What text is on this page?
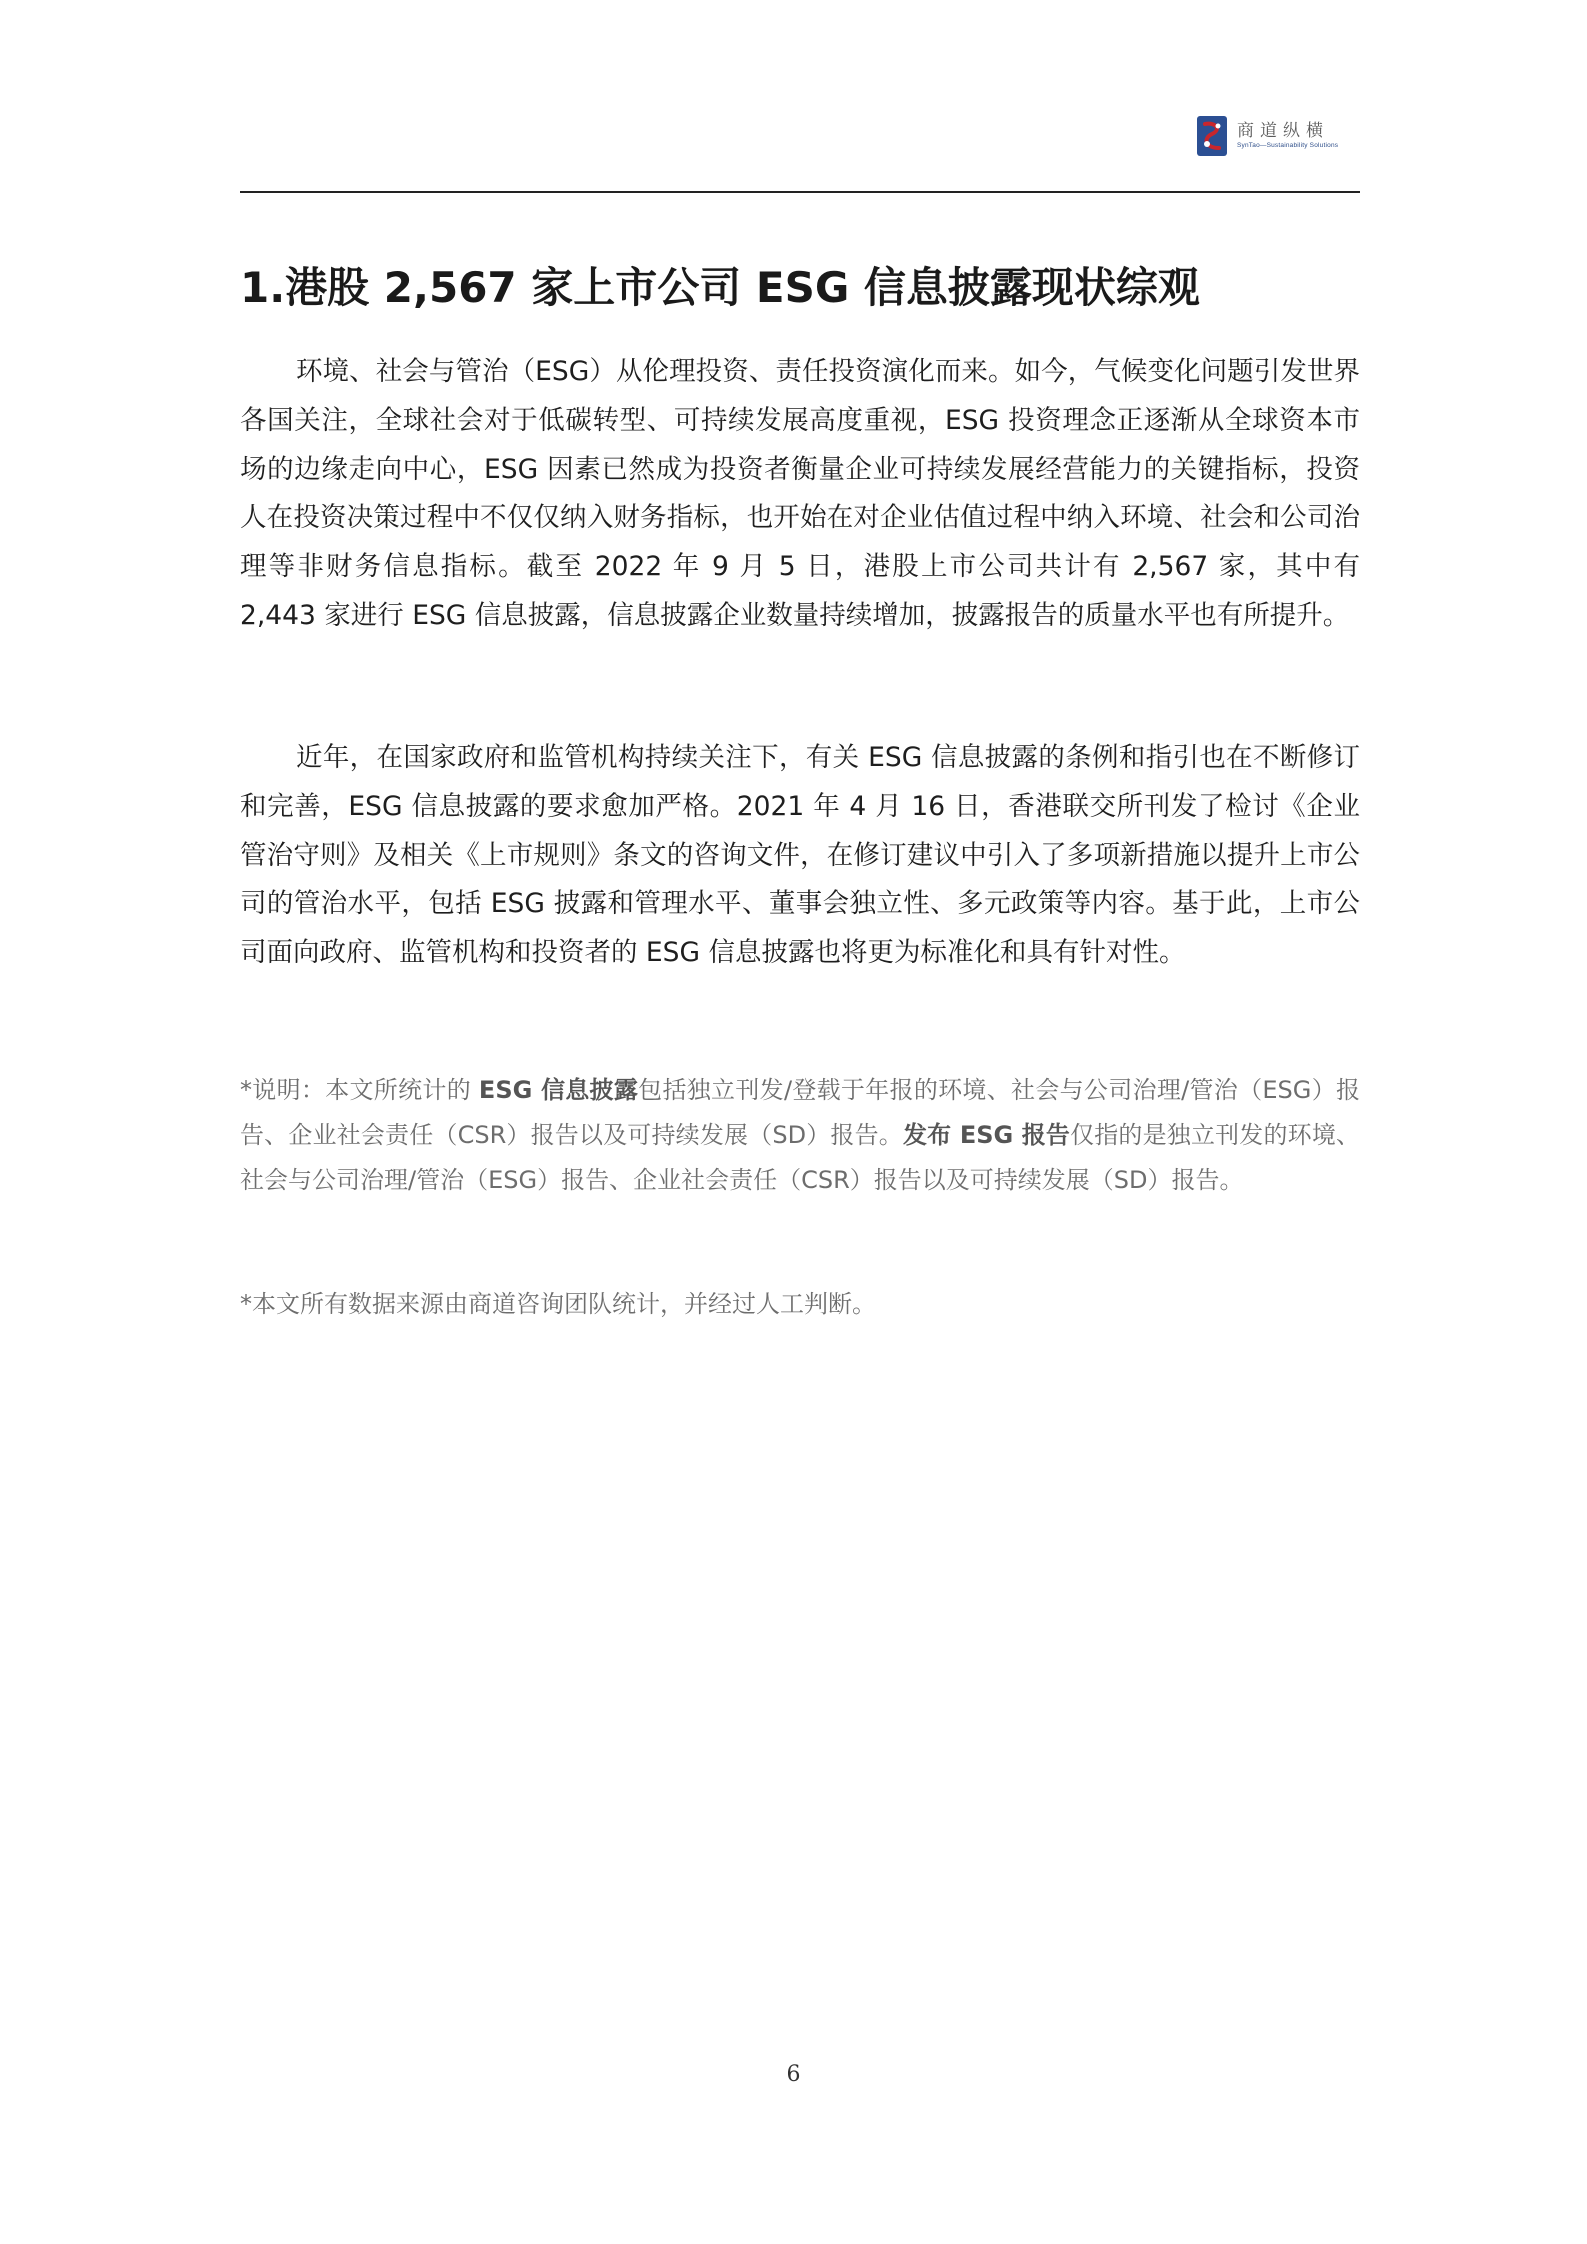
商道纵横
SynTao—Sustainability Solutions
1.港股 2,567 家上市公司 ESG 信息披露现状综观

环境、社会与管治（ESG）从伦理投资、责任投资演化而来。如今，气候变化问题引发世界各国关注，全球社会对于低碳转型、可持续发展高度重视，ESG 投资理念正逐渐从全球资本市场的边缘走向中心，ESG 因素已然成为投资者衡量企业可持续发展经营能力的关键指标，投资人在投资决策过程中不仅仅纳入财务指标，也开始在对企业估值过程中纳入环境、社会和公司治理等非财务信息指标。截至 2022 年 9 月 5 日，港股上市公司共计有 2,567 家，其中有 2,443 家进行 ESG 信息披露，信息披露企业数量持续增加，披露报告的质量水平也有所提升。

近年，在国家政府和监管机构持续关注下，有关 ESG 信息披露的条例和指引也在不断修订和完善，ESG 信息披露的要求愈加严格。2021 年 4 月 16 日，香港联交所刊发了检讨《企业管治守则》及相关《上市规则》条文的咨询文件，在修订建议中引入了多项新措施以提升上市公司的管治水平，包括 ESG 披露和管理水平、董事会独立性、多元政策等内容。基于此，上市公司面向政府、监管机构和投资者的 ESG 信息披露也将更为标准化和具有针对性。

*说明：本文所统计的 ESG 信息披露包括独立刊发/登载于年报的环境、社会与公司治理/管治（ESG）报告、企业社会责任（CSR）报告以及可持续发展（SD）报告。发布 ESG 报告仅指的是独立刊发的环境、社会与公司治理/管治（ESG）报告、企业社会责任（CSR）报告以及可持续发展（SD）报告。

*本文所有数据来源由商道咨询团队统计，并经过人工判断。

6
